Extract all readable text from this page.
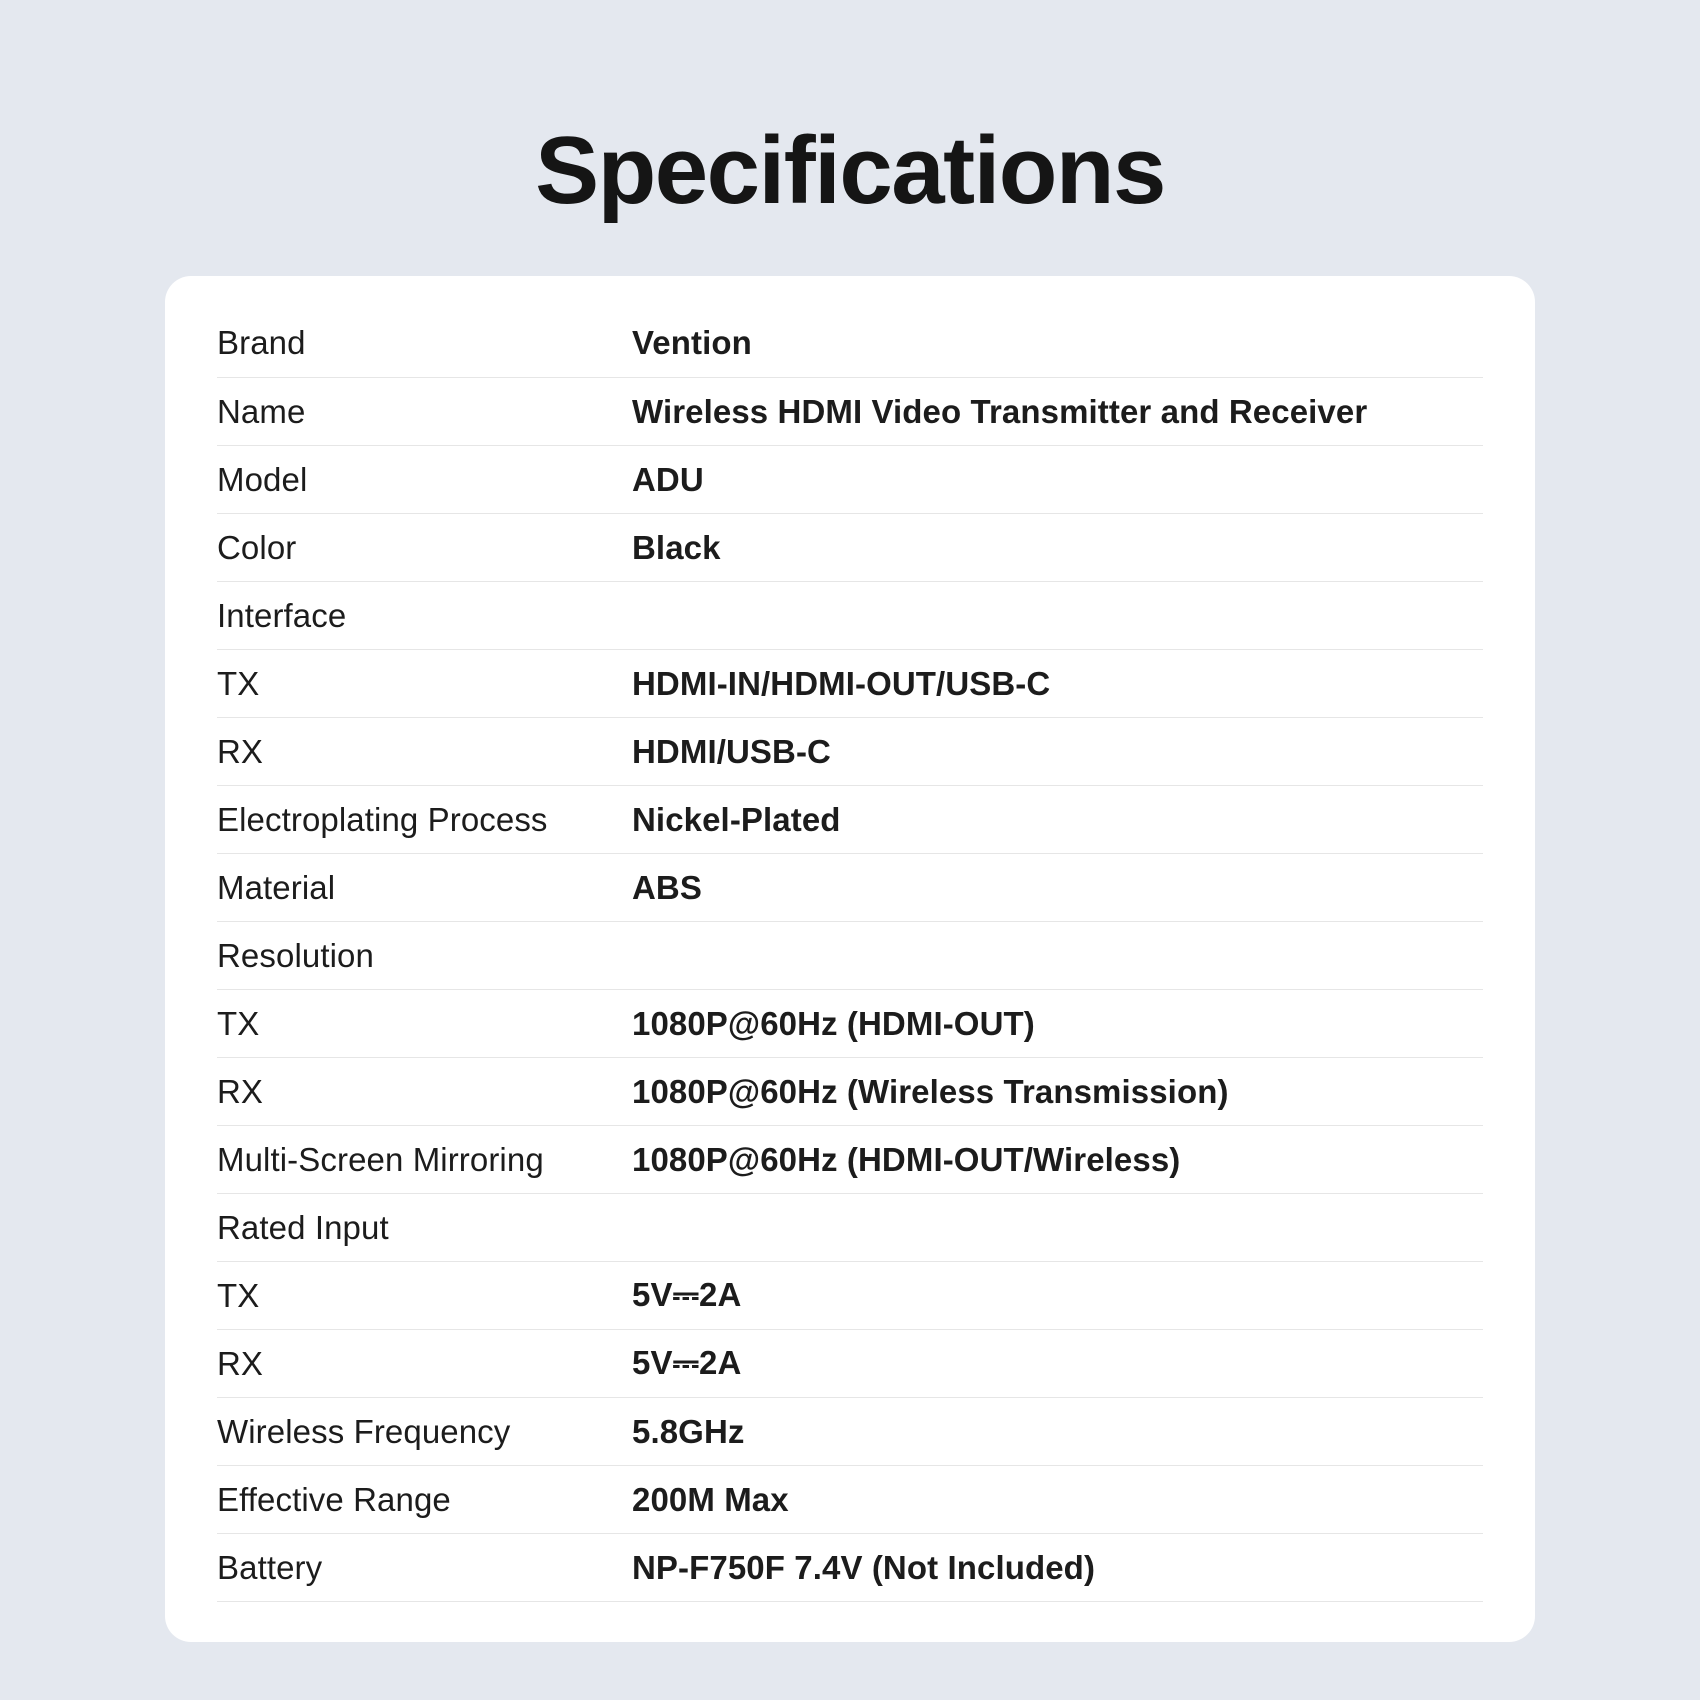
Specifications
Brand	Vention
Name	Wireless HDMI Video Transmitter and Receiver
Model	ADU
Color	Black
Interface	
TX	HDMI-IN/HDMI-OUT/USB-C
RX	HDMI/USB-C
Electroplating Process	Nickel-Plated
Material	ABS
Resolution	
TX	1080P@60Hz (HDMI-OUT)
RX	1080P@60Hz (Wireless Transmission)
Multi-Screen Mirroring	1080P@60Hz (HDMI-OUT/Wireless)
Rated Input	
TX	5V⎓2A
RX	5V⎓2A
Wireless Frequency	5.8GHz
Effective Range	200M Max
Battery	NP-F750F 7.4V (Not Included)
